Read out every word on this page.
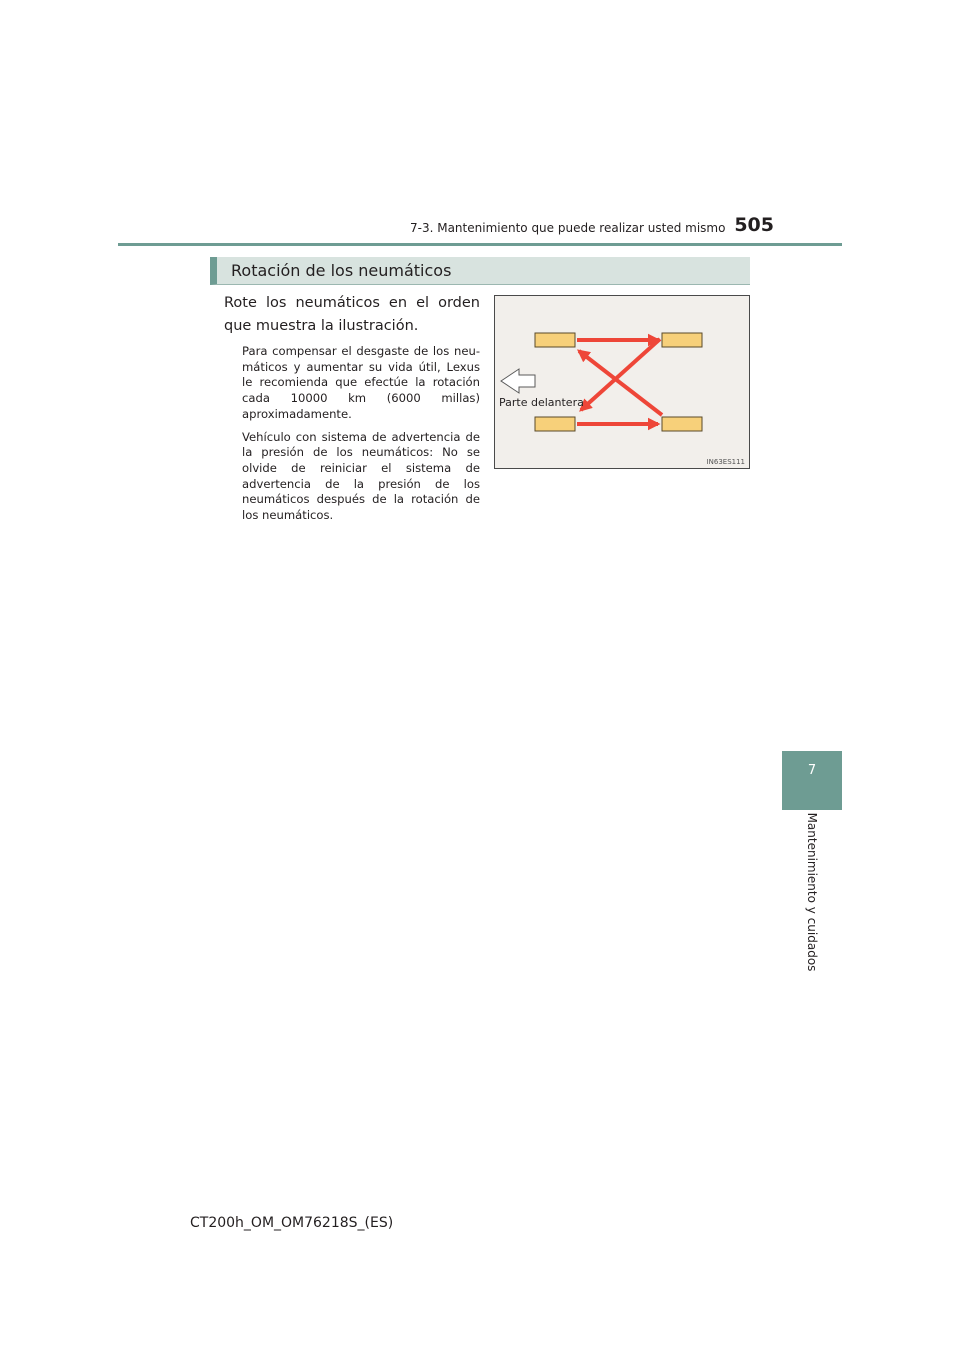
7-3. Mantenimiento que puede realizar usted mismo 505
7
Mantenimiento y cuidados
Rotación de los neumáticos

Rote los neumáticos en el orden que muestra la ilustración.

Para compensar el desgaste de los neumáticos y aumentar su vida útil, Lexus le recomienda que efectúe la rotación cada 10000 km (6000 millas) aproximadamente.

Vehículo con sistema de advertencia de la presión de los neumáticos: No se olvide de reiniciar el sistema de advertencia de la presión de los neumáticos después de la rotación de los neumáticos.

Parte delantera
IN63ES111
CT200h_OM_OM76218S_(ES)
